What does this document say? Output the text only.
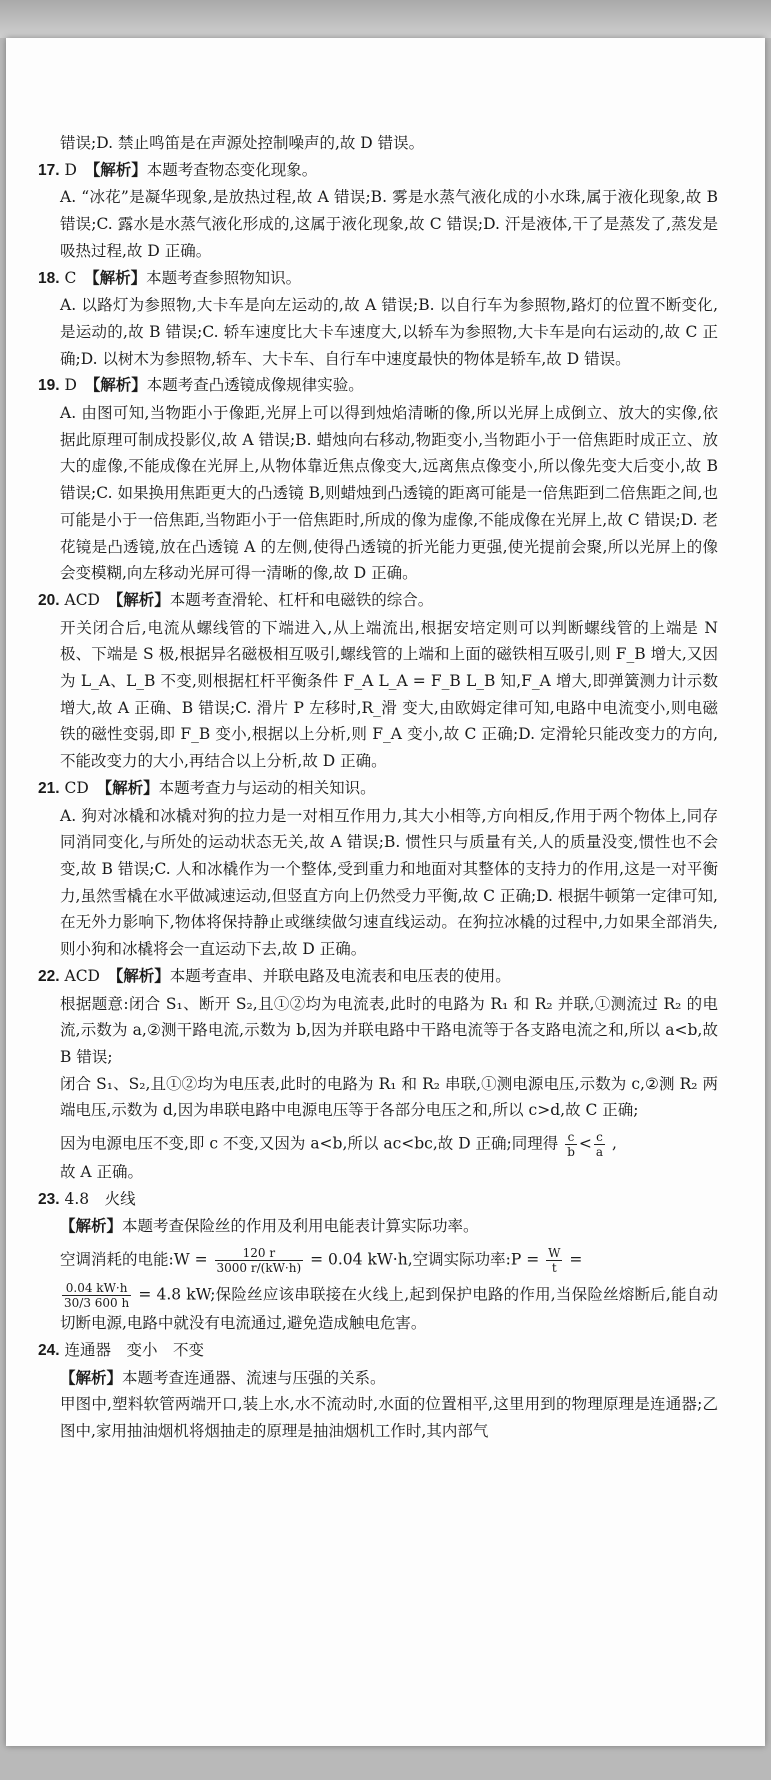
错误;D. 禁止鸣笛是在声源处控制噪声的,故 D 错误。

17. D　 【解析】本题考查物态变化现象。

A. “冰花”是凝华现象,是放热过程,故 A 错误;B. 雾是水蒸气液化成的小水珠,属于液化现象,故 B 错误;C. 露水是水蒸气液化形成的,这属于液化现象,故 C 错误;D. 汗是液体,干了是蒸发了,蒸发是吸热过程,故 D 正确。

18. C　 【解析】本题考查参照物知识。

A. 以路灯为参照物,大卡车是向左运动的,故 A 错误;B. 以自行车为参照物,路灯的位置不断变化,是运动的,故 B 错误;C. 轿车速度比大卡车速度大,以轿车为参照物,大卡车是向右运动的,故 C 正确;D. 以树木为参照物,轿车、大卡车、自行车中速度最快的物体是轿车,故 D 错误。

19. D　 【解析】本题考查凸透镜成像规律实验。

A. 由图可知,当物距小于像距,光屏上可以得到烛焰清晰的像,所以光屏上成倒立、放大的实像,依据此原理可制成投影仪,故 A 错误;B. 蜡烛向右移动,物距变小,当物距小于一倍焦距时成正立、放大的虚像,不能成像在光屏上,从物体靠近焦点像变大,远离焦点像变小,所以像先变大后变小,故 B 错误;C. 如果换用焦距更大的凸透镜 B,则蜡烛到凸透镜的距离可能是一倍焦距到二倍焦距之间,也可能是小于一倍焦距,当物距小于一倍焦距时,所成的像为虚像,不能成像在光屏上,故 C 错误;D. 老花镜是凸透镜,放在凸透镜 A 的左侧,使得凸透镜的折光能力更强,使光提前会聚,所以光屏上的像会变模糊,向左移动光屏可得一清晰的像,故 D 正确。

20. ACD　 【解析】本题考查滑轮、杠杆和电磁铁的综合。

开关闭合后,电流从螺线管的下端进入,从上端流出,根据安培定则可以判断螺线管的上端是 N 极、下端是 S 极,根据异名磁极相互吸引,螺线管的上端和上面的磁铁相互吸引,则 F_B 增大,又因为 L_A、L_B 不变,则根据杠杆平衡条件 F_A L_A = F_B L_B 知,F_A 增大,即弹簧测力计示数增大,故 A 正确、B 错误;C. 滑片 P 左移时,R_滑 变大,由欧姆定律可知,电路中电流变小,则电磁铁的磁性变弱,即 F_B 变小,根据以上分析,则 F_A 变小,故 C 正确;D. 定滑轮只能改变力的方向,不能改变力的大小,再结合以上分析,故 D 正确。

21. CD　 【解析】本题考查力与运动的相关知识。

A. 狗对冰橇和冰橇对狗的拉力是一对相互作用力,其大小相等,方向相反,作用于两个物体上,同存同消同变化,与所处的运动状态无关,故 A 错误;B. 惯性只与质量有关,人的质量没变,惯性也不会变,故 B 错误;C. 人和冰橇作为一个整体,受到重力和地面对其整体的支持力的作用,这是一对平衡力,虽然雪橇在水平做减速运动,但竖直方向上仍然受力平衡,故 C 正确;D. 根据牛顿第一定律可知,在无外力影响下,物体将保持静止或继续做匀速直线运动。在狗拉冰橇的过程中,力如果全部消失,则小狗和冰橇将会一直运动下去,故 D 正确。

22. ACD　 【解析】本题考查串、并联电路及电流表和电压表的使用。

根据题意:闭合 S₁、断开 S₂,且①②均为电流表,此时的电路为 R₁ 和 R₂ 并联,①测流过 R₂ 的电流,示数为 a,②测干路电流,示数为 b,因为并联电路中干路电流等于各支路电流之和,所以 a<b,故 B 错误;

闭合 S₁、S₂,且①②均为电压表,此时的电路为 R₁ 和 R₂ 串联,①测电源电压,示数为 c,②测 R₂ 两端电压,示数为 d,因为串联电路中电源电压等于各部分电压之和,所以 c>d,故 C 正确;

因为电源电压不变,即 c 不变,又因为 a<b,所以 ac<bc,故 D 正确;同理得 $\frac{c}{b} < \frac{c}{a}$ ,

故 A 正确。

23. 4.8　火线
【解析】本题考查保险丝的作用及利用电能表计算实际功率。

空调消耗的电能:W = $\frac{120 r}{3000 r/(kW\cdot h)} = 0.04$ kW·h,空调实际功率:P = $\frac{W}{t}$ =

$\frac{0.04 kW\cdot h}{30/3 600 h} = 4.8$ kW;保险丝应该串联接在火线上,起到保护电路的作用,当保险丝熔断后,能自动切断电源,电路中就没有电流通过,避免造成触电危害。

24. 连通器　变小　不变
【解析】本题考查连通器、流速与压强的关系。

甲图中,塑料软管两端开口,装上水,水不流动时,水面的位置相平,这里用到的物理原理是连通器;乙图中,家用抽油烟机将烟抽走的原理是抽油烟机工作时,其内部气
